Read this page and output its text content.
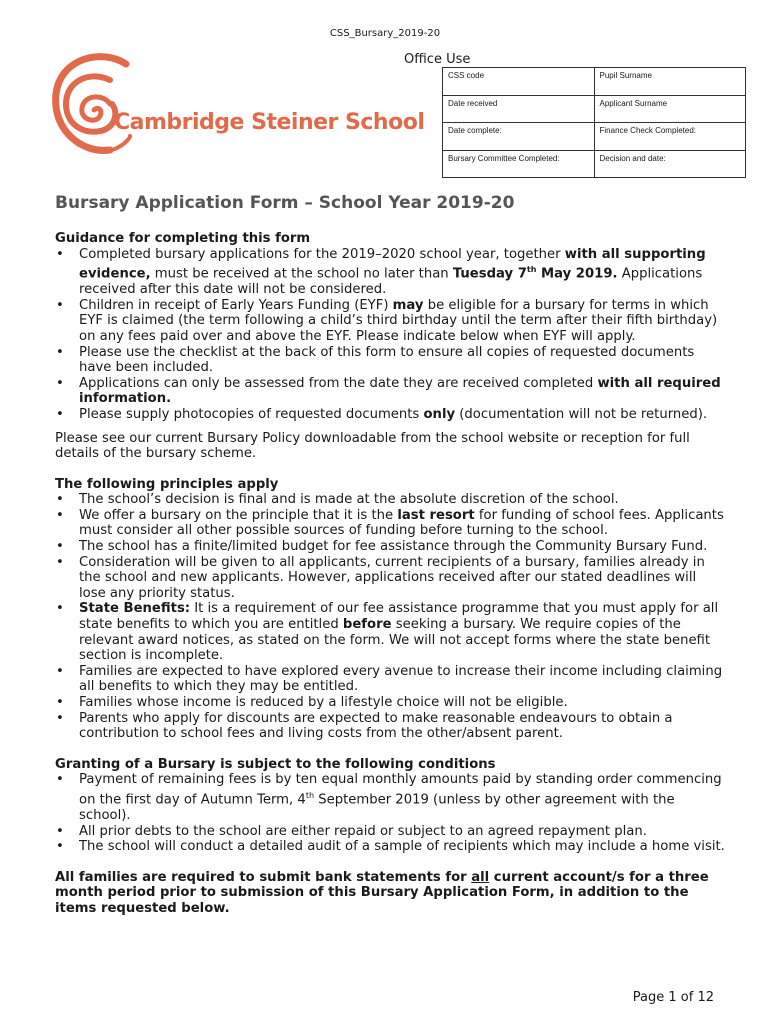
CSS_Bursary_2019-20
Cambridge Steiner School
Office Use
CSS code	Pupil Surname
Date received	Applicant Surname
Date complete:	Finance Check Completed:
Bursary Committee Completed:	Decision and date:
Bursary Application Form – School Year 2019-20

Guidance for completing this form

• Completed bursary applications for the 2019–2020 school year, together with all supporting evidence, must be received at the school no later than Tuesday 7th May 2019. Applications received after this date will not be considered.
• Children in receipt of Early Years Funding (EYF) may be eligible for a bursary for terms in which EYF is claimed (the term following a child’s third birthday until the term after their fifth birthday) on any fees paid over and above the EYF. Please indicate below when EYF will apply.
• Please use the checklist at the back of this form to ensure all copies of requested documents have been included.
• Applications can only be assessed from the date they are received completed with all required information.
• Please supply photocopies of requested documents only (documentation will not be returned).

Please see our current Bursary Policy downloadable from the school website or reception for full details of the bursary scheme.

The following principles apply

• The school’s decision is final and is made at the absolute discretion of the school.
• We offer a bursary on the principle that it is the last resort for funding of school fees. Applicants must consider all other possible sources of funding before turning to the school.
• The school has a finite/limited budget for fee assistance through the Community Bursary Fund.
• Consideration will be given to all applicants, current recipients of a bursary, families already in the school and new applicants. However, applications received after our stated deadlines will lose any priority status.
• State Benefits: It is a requirement of our fee assistance programme that you must apply for all state benefits to which you are entitled before seeking a bursary. We require copies of the relevant award notices, as stated on the form. We will not accept forms where the state benefit section is incomplete.
• Families are expected to have explored every avenue to increase their income including claiming all benefits to which they may be entitled.
• Families whose income is reduced by a lifestyle choice will not be eligible.
• Parents who apply for discounts are expected to make reasonable endeavours to obtain a contribution to school fees and living costs from the other/absent parent.

Granting of a Bursary is subject to the following conditions

• Payment of remaining fees is by ten equal monthly amounts paid by standing order commencing on the first day of Autumn Term, 4th September 2019 (unless by other agreement with the school).
• All prior debts to the school are either repaid or subject to an agreed repayment plan.
• The school will conduct a detailed audit of a sample of recipients which may include a home visit.

All families are required to submit bank statements for all current account/s for a three month period prior to submission of this Bursary Application Form, in addition to the items requested below.

Page 1 of 12
